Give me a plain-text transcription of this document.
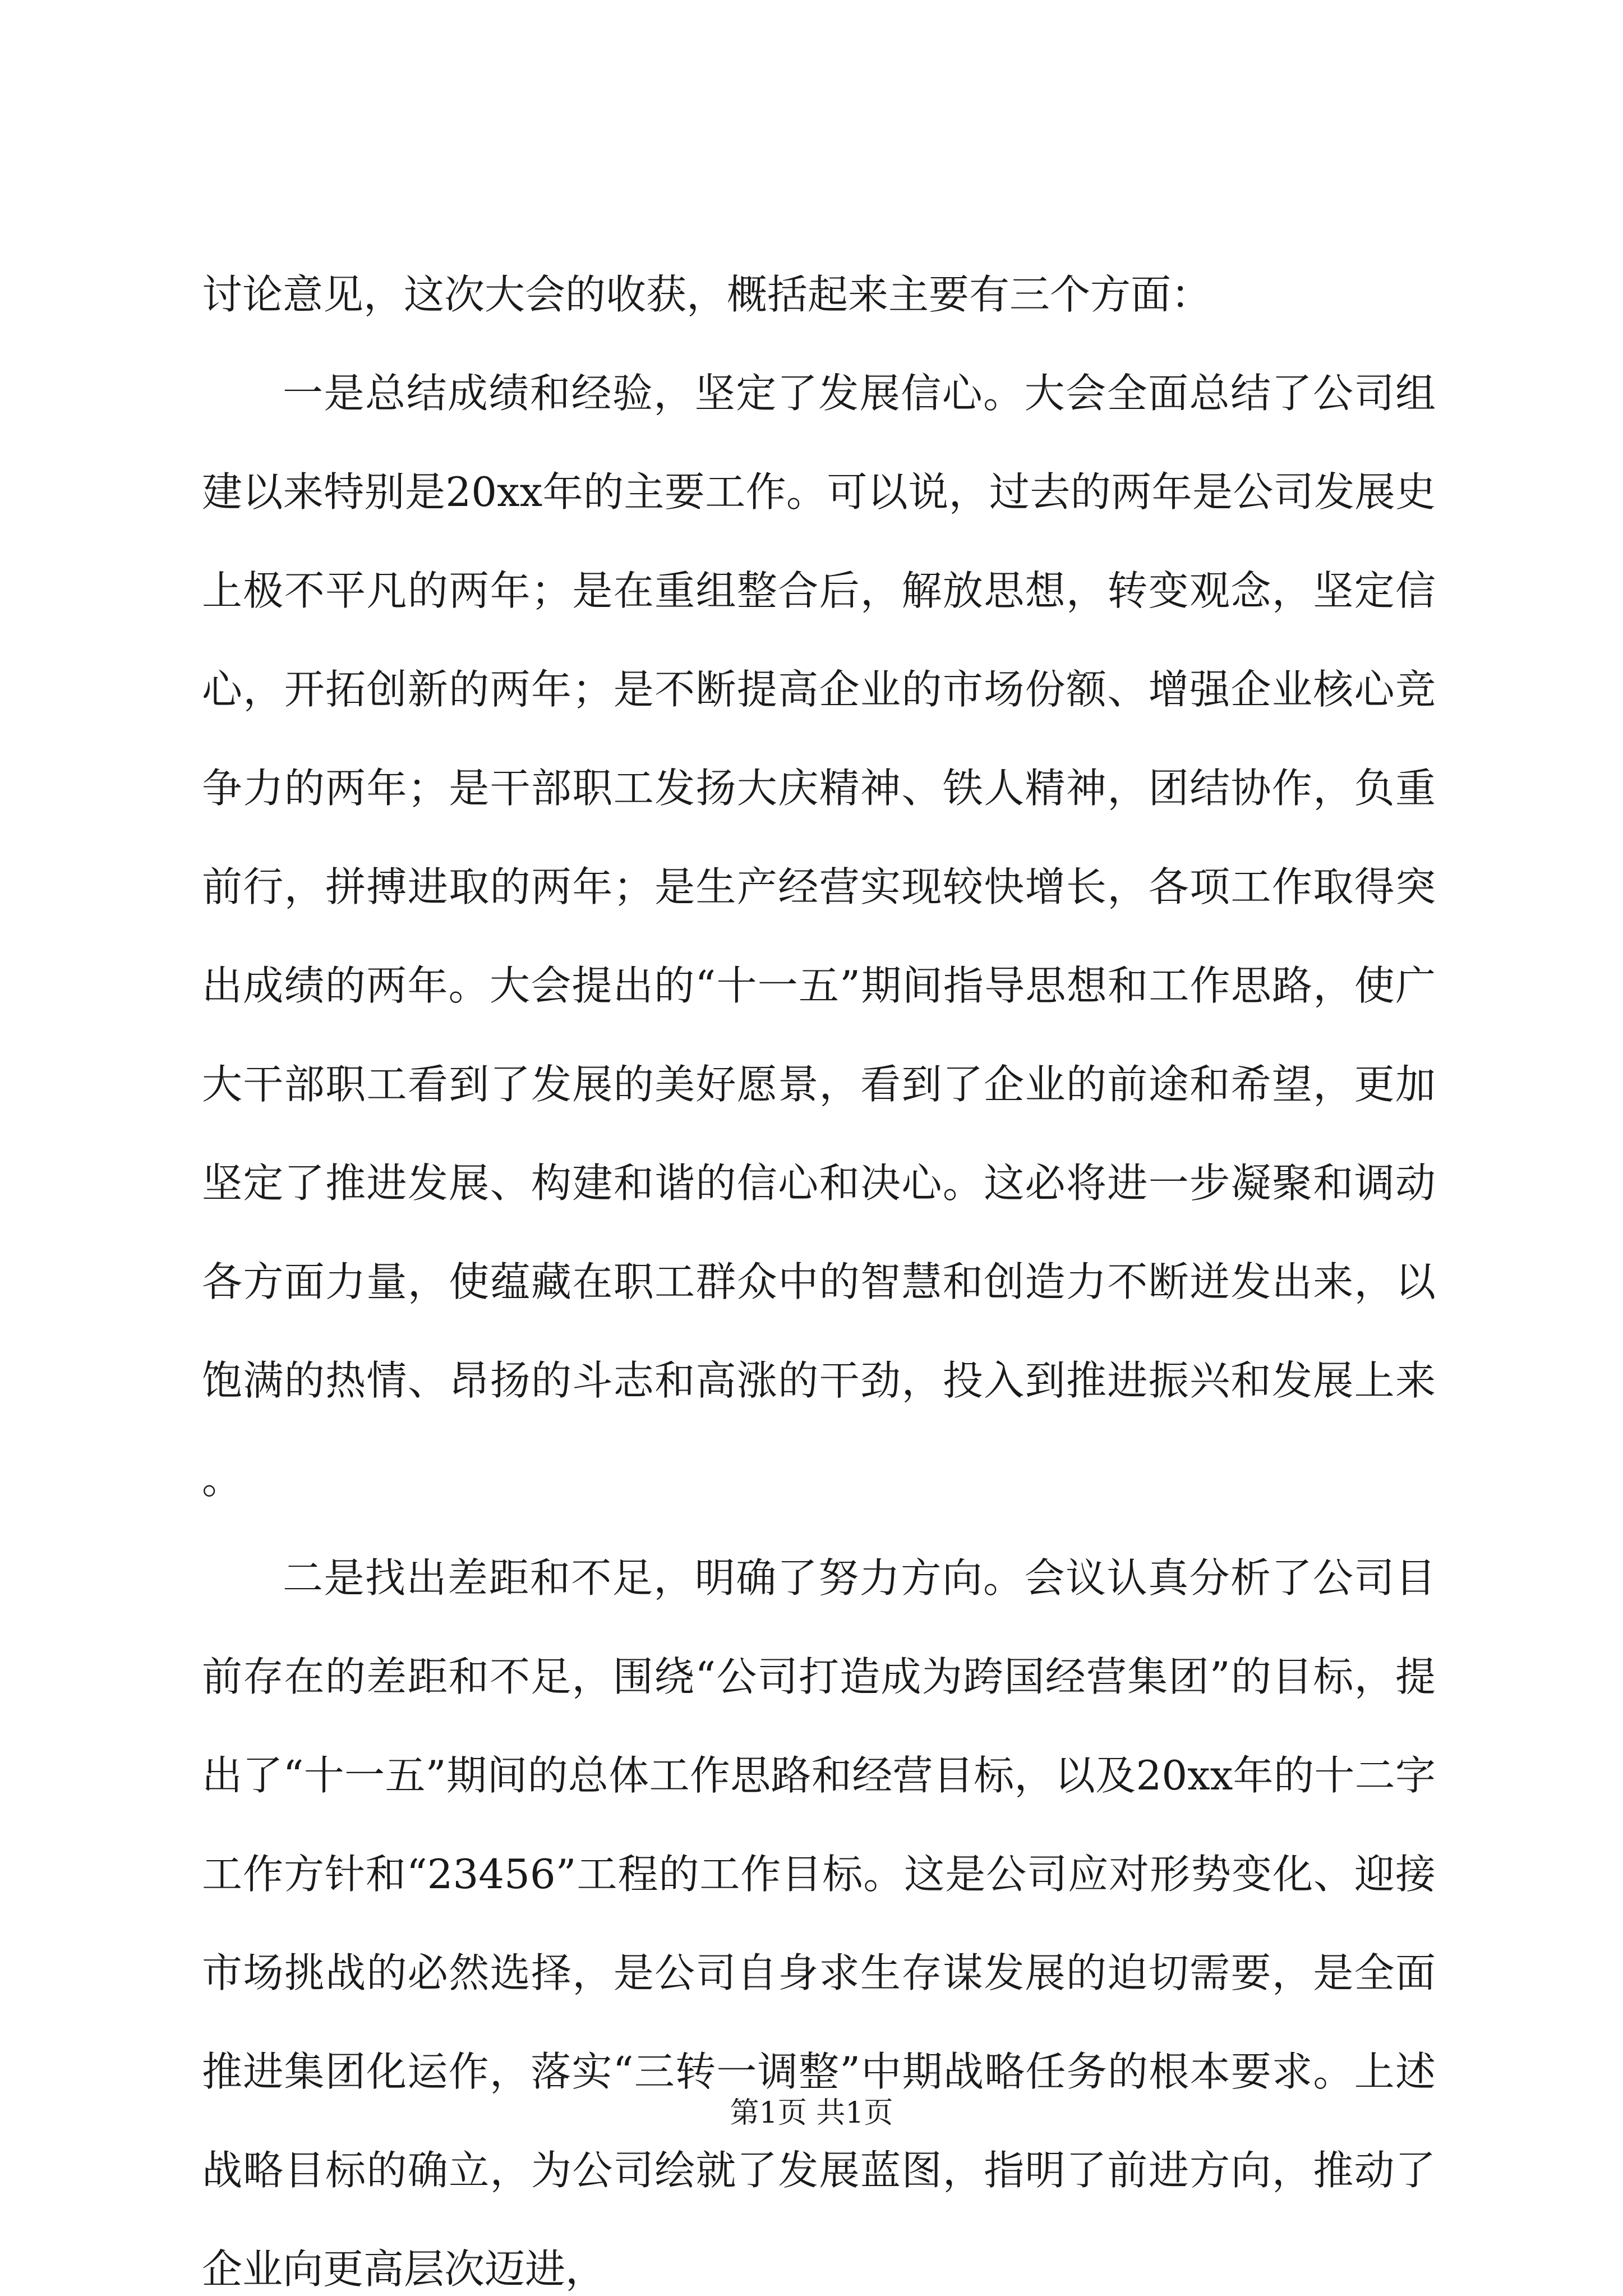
讨论意见，这次大会的收获，概括起来主要有三个方面：

一是总结成绩和经验，坚定了发展信心。大会全面总结了公司组建以来特别是20xx年的主要工作。可以说，过去的两年是公司发展史上极不平凡的两年；是在重组整合后，解放思想，转变观念，坚定信心，开拓创新的两年；是不断提高企业的市场份额、增强企业核心竞争力的两年；是干部职工发扬大庆精神、铁人精神，团结协作，负重前行，拼搏进取的两年；是生产经营实现较快增长，各项工作取得突出成绩的两年。大会提出的“十一五”期间指导思想和工作思路，使广大干部职工看到了发展的美好愿景，看到了企业的前途和希望，更加坚定了推进发展、构建和谐的信心和决心。这必将进一步凝聚和调动各方面力量，使蕴藏在职工群众中的智慧和创造力不断迸发出来，以饱满的热情、昂扬的斗志和高涨的干劲，投入到推进振兴和发展上来。

二是找出差距和不足，明确了努力方向。会议认真分析了公司目前存在的差距和不足，围绕“公司打造成为跨国经营集团”的目标，提出了“十一五”期间的总体工作思路和经营目标，以及20xx年的十二字工作方针和“23456”工程的工作目标。这是公司应对形势变化、迎接市场挑战的必然选择，是公司自身求生存谋发展的迫切需要，是全面推进集团化运作，落实“三转一调整”中期战略任务的根本要求。上述战略目标的确立，为公司绘就了发展蓝图，指明了前进方向，推动了企业向更高层次迈进，

第1页 共1页
